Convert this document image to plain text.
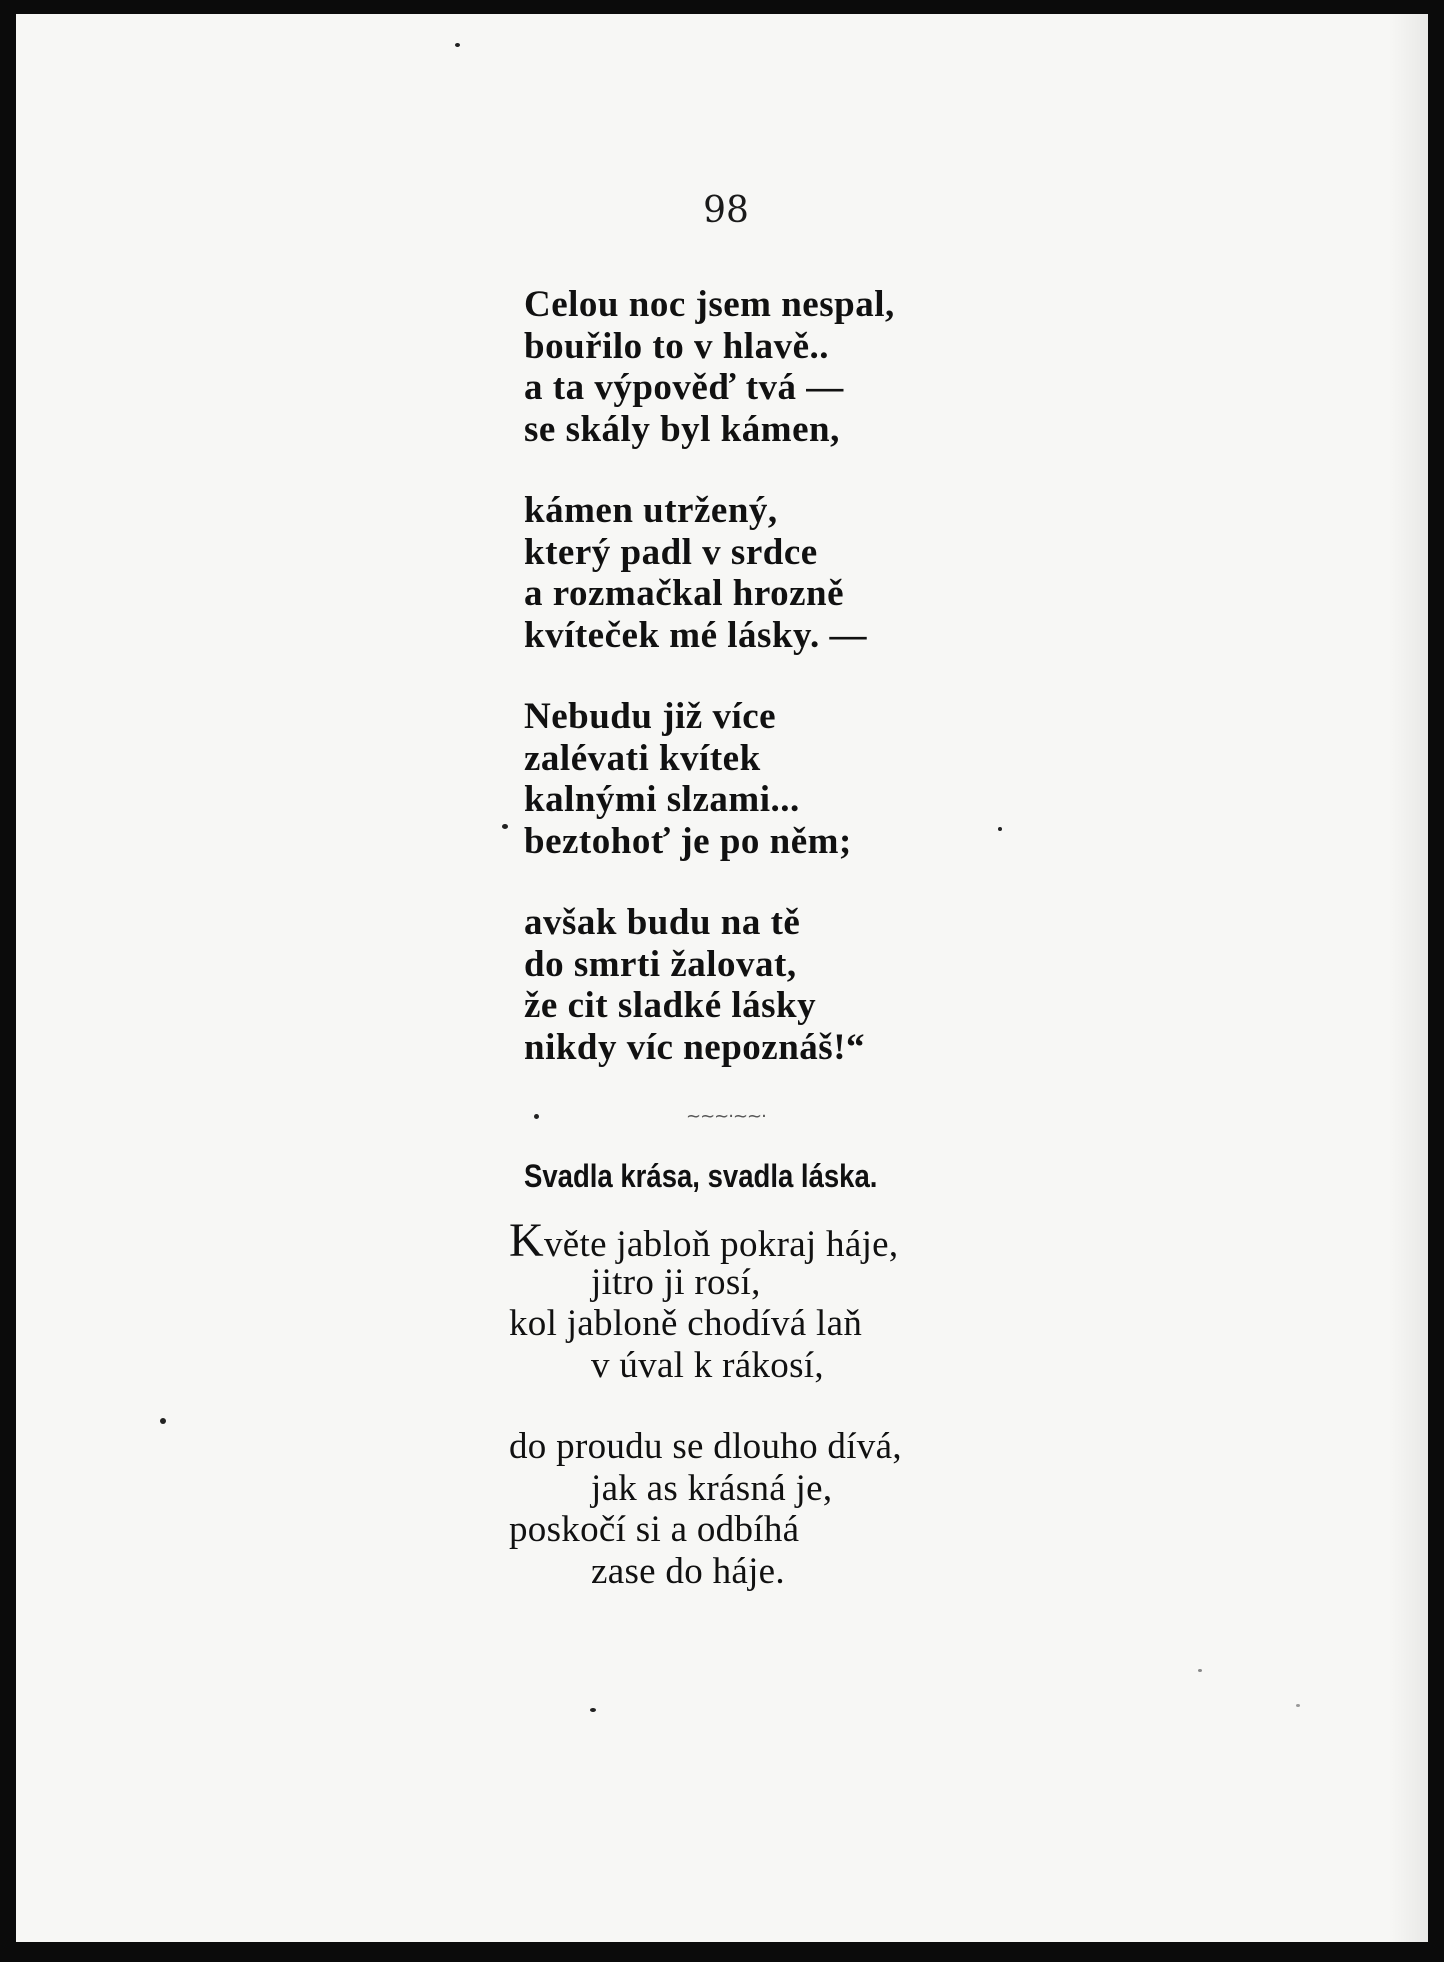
98
Celou noc jsem nespal,
bouřilo to v hlavě..
a ta výpověď tvá —
se skály byl kámen,
kámen utržený,
který padl v srdce
a rozmačkal hrozně
kvíteček mé lásky. —
Nebudu již více
zalévati kvítek
kalnými slzami...
beztohoť je po něm;
avšak budu na tě
do smrti žalovat,
že cit sladké lásky
nikdy víc nepoznáš!“
~~~·~~·
Svadla krása, svadla láska.
Květe jabloň pokraj háje,
jitro ji rosí,
kol jabloně chodívá laň
v úval k rákosí,
do proudu se dlouho dívá,
jak as krásná je,
poskočí si a odbíhá
zase do háje.
